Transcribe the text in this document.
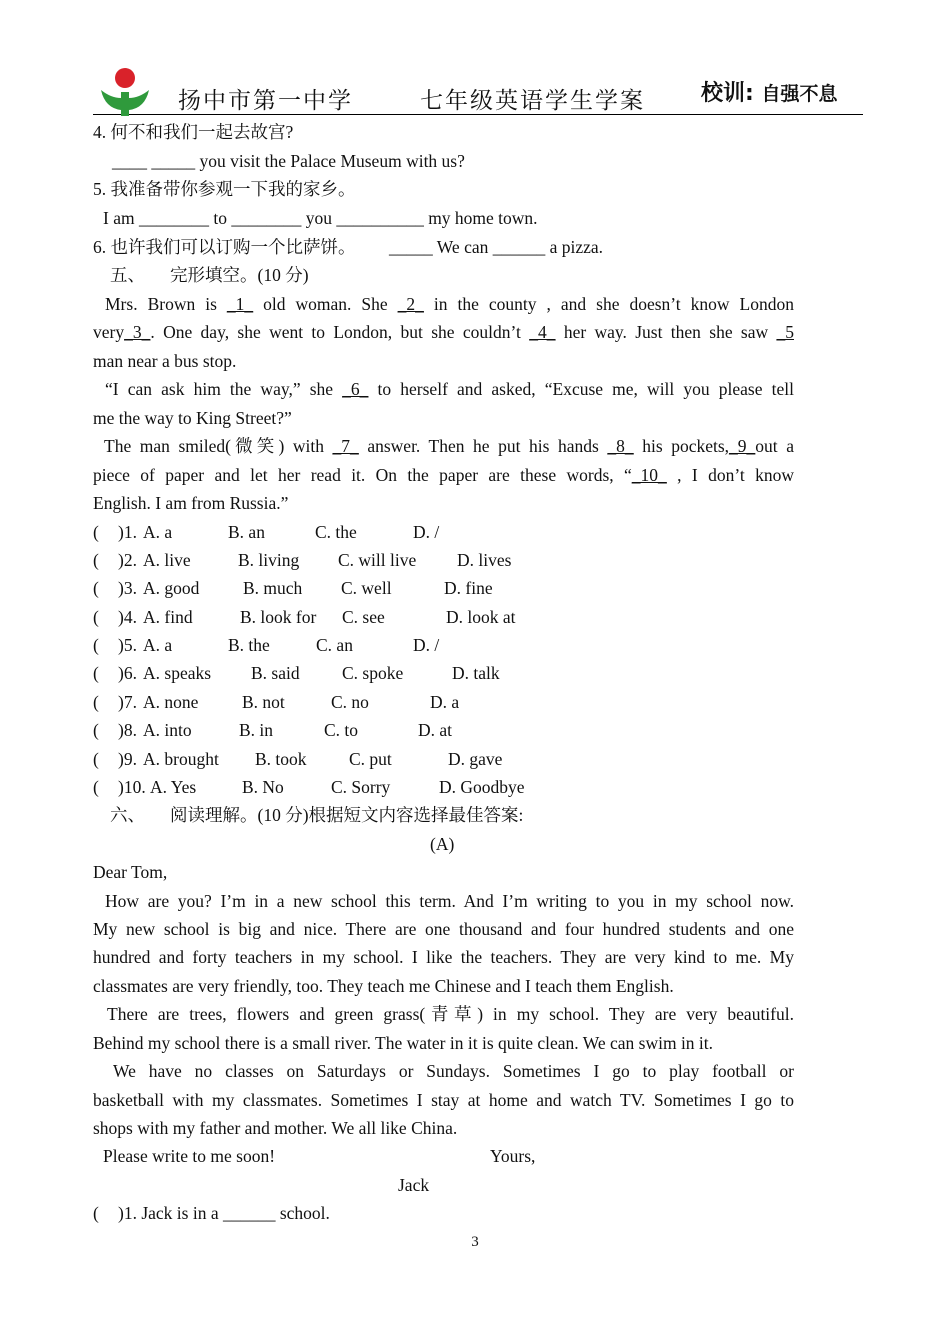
扬中市第一中学	七年级英语学生学案	校训: 自强不息
4. 何不和我们一起去故宫?
____ _____ you visit the Palace Museum with us?
5. 我准备带你参观一下我的家乡。
I am ________ to ________ you __________ my home town.
6. 也许我们可以订购一个比萨饼。 _____ We can ______ a pizza.
五、 完形填空。(10 分)
Mrs. Brown is _1_ old woman. She _2_ in the county , and she doesn’t know London
very_3_. One day, she went to London, but she couldn’t _4_ her way. Just then she saw _5
man near a bus stop.
“I can ask him the way,” she _6_ to herself and asked, “Excuse me, will you please tell
me the way to King Street?”
The man smiled(微笑) with _7_ answer. Then he put his hands _8_ his pockets,_9_out a
piece of paper and let her read it. On the paper are these words, “_10_ , I don’t know
English. I am from Russia.”
( )1. A. a	B. an	C. the	D. /
( )2. A. live	B. living C. will live D. lives
( )3. A. good B. much C. well	D. fine
( )4. A. find	B. look for C. see	D. look at
( )5. A. a	B. the	C. an	D. /
( )6. A. speaks B. said C. spoke	D. talk
( )7. A. none B. not	C. no	D. a
( )8. A. into	B. in	C. to	D. at
( )9. A. brought B. took C. put	D. gave
( )10. A. Yes	B. No	C. Sorry	D. Goodbye
六、 阅读理解。(10 分)根据短文内容选择最佳答案:
(A)
Dear Tom,
How are you? I’m in a new school this term. And I’m writing to you in my school now.
My new school is big and nice. There are one thousand and four hundred students and one
hundred and forty teachers in my school. I like the teachers. They are very kind to me. My
classmates are very friendly, too. They teach me Chinese and I teach them English.
There are trees, flowers and green grass(青草) in my school. They are very beautiful.
Behind my school there is a small river. The water in it is quite clean. We can swim in it.
We have no classes on Saturdays or Sundays. Sometimes I go to play football or
basketball with my classmates. Sometimes I stay at home and watch TV. Sometimes I go to
shops with my father and mother. We all like China.
Please write to me soon!	Yours,
Jack
( )1. Jack is in a ______ school.
3
